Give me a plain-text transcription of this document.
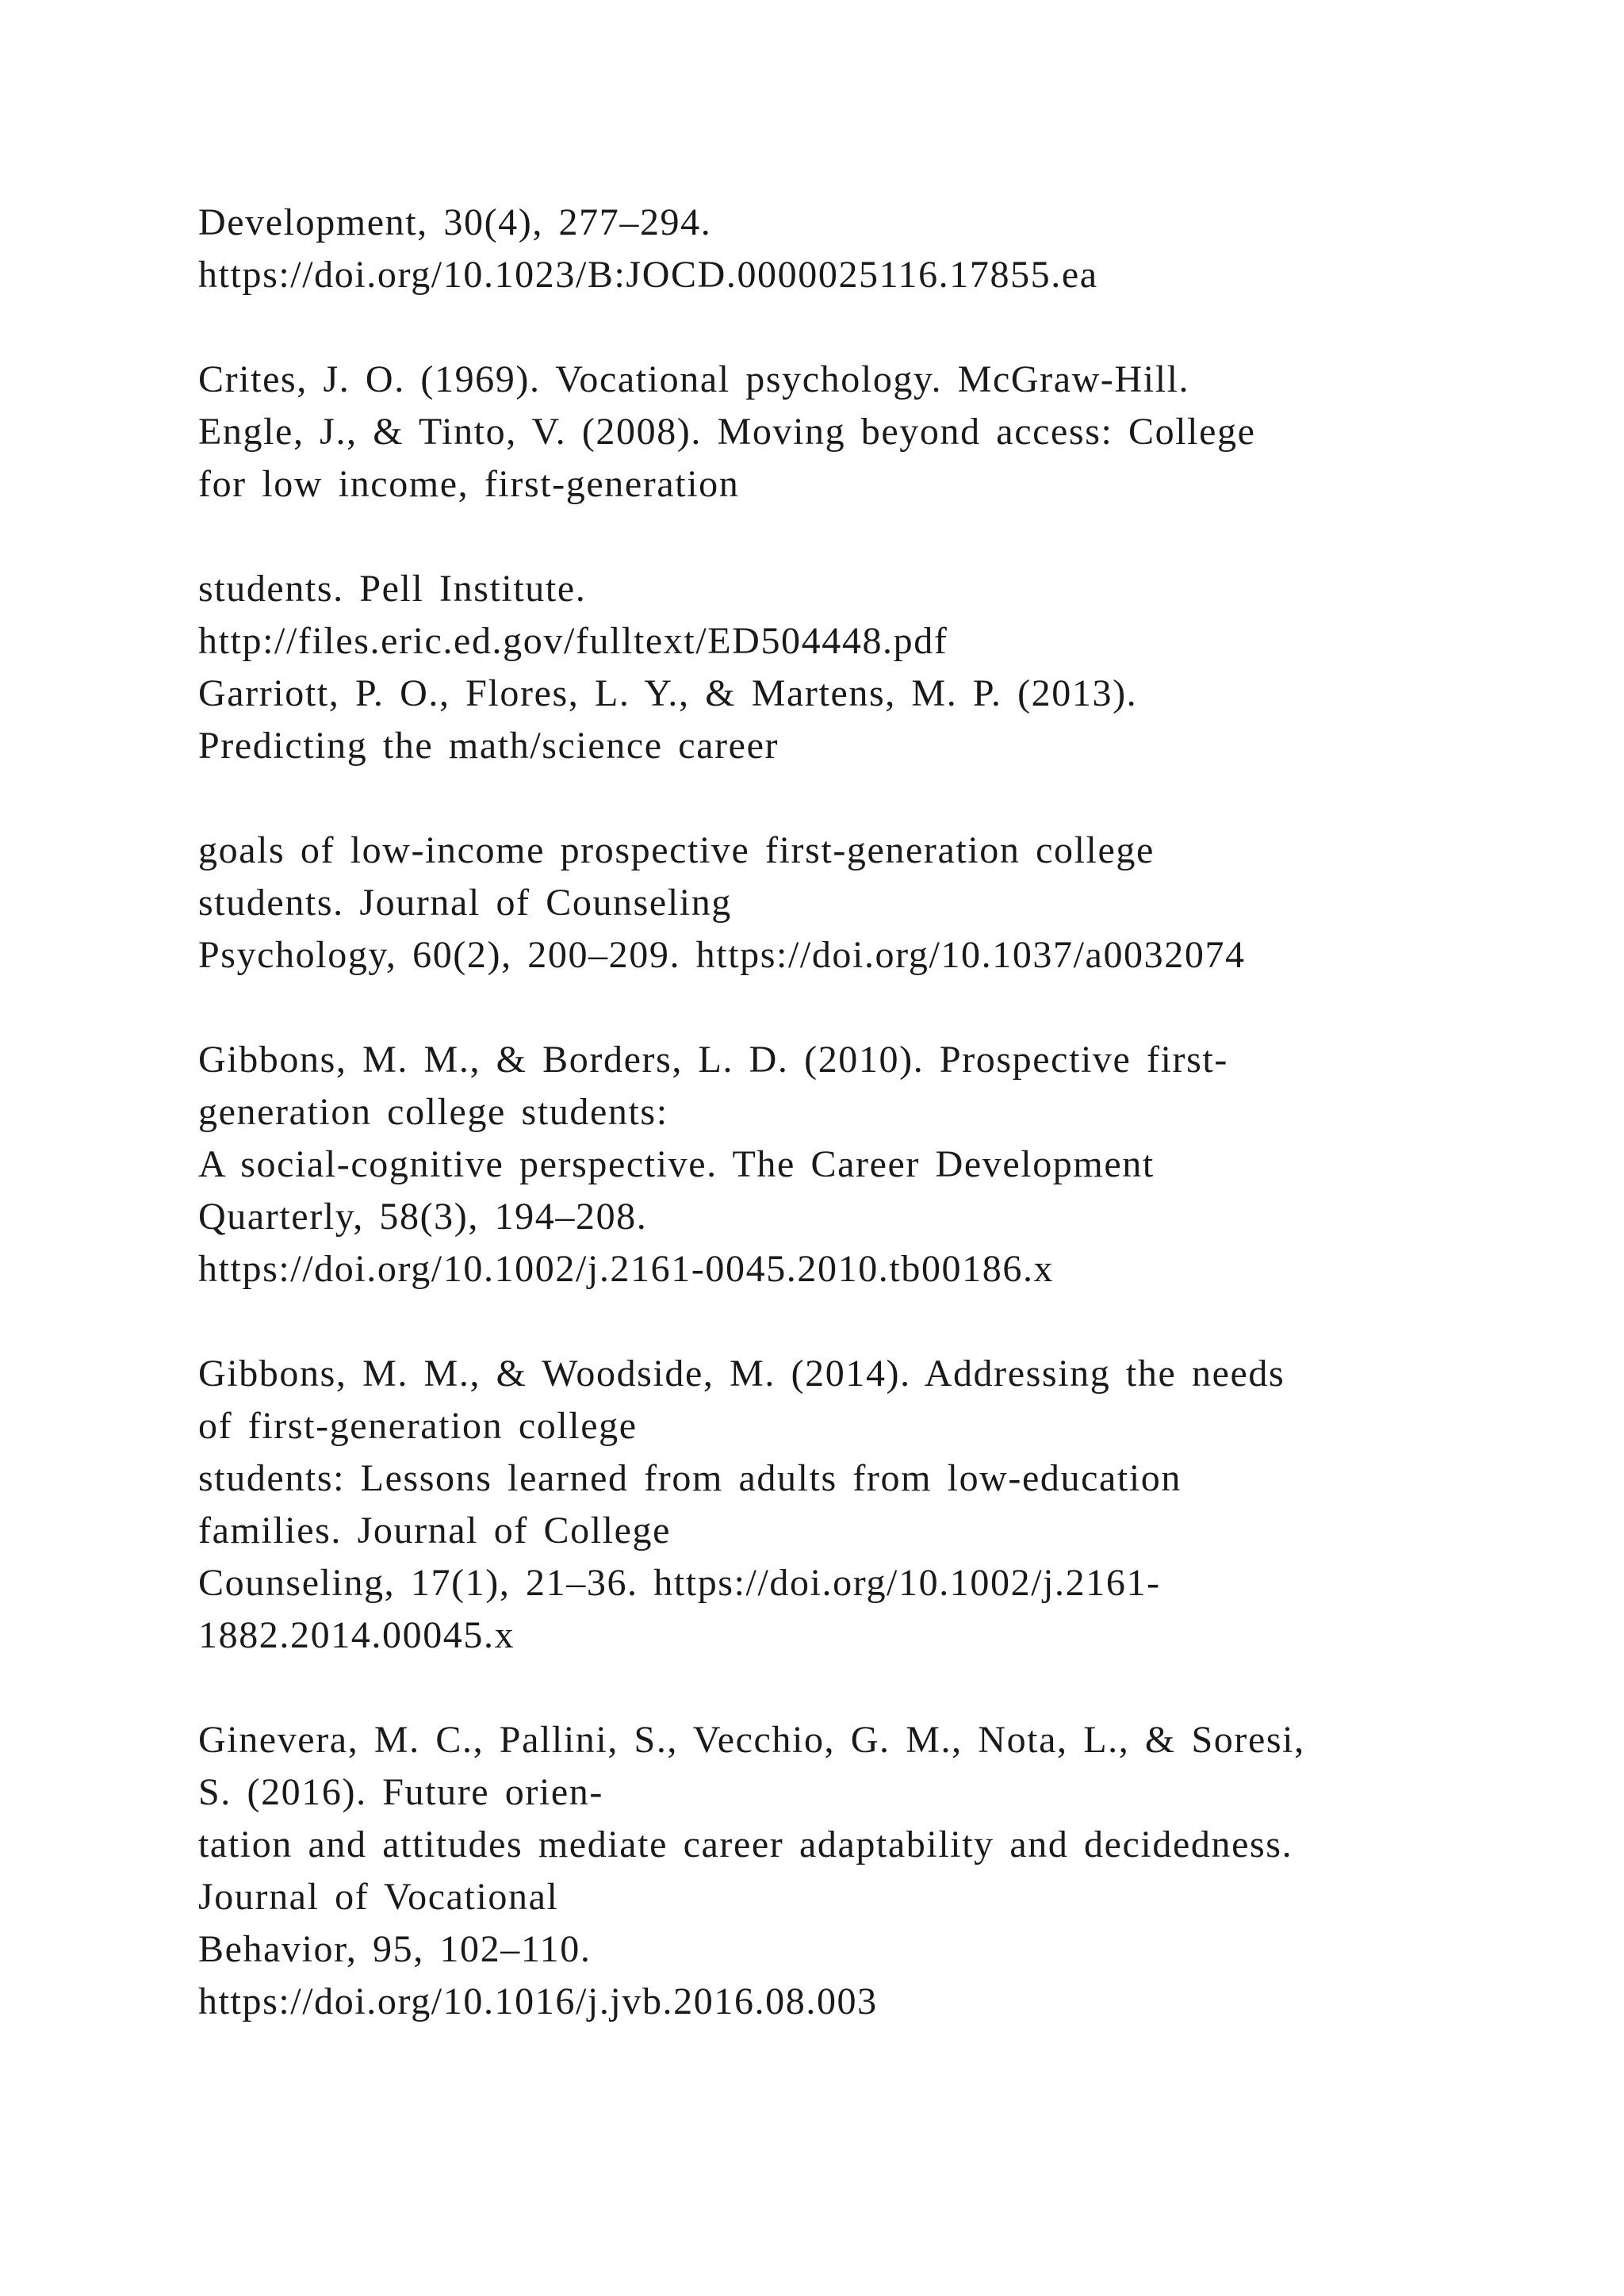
Development, 30(4), 277–294.
https://doi.org/10.1023/B:JOCD.0000025116.17855.ea
Crites, J. O. (1969). Vocational psychology. McGraw-Hill.
Engle, J., & Tinto, V. (2008). Moving beyond access: College
for low income, first-generation
students. Pell Institute.
http://files.eric.ed.gov/fulltext/ED504448.pdf
Garriott, P. O., Flores, L. Y., & Martens, M. P. (2013).
Predicting the math/science career
goals of low-income prospective first-generation college
students. Journal of Counseling
Psychology, 60(2), 200–209. https://doi.org/10.1037/a0032074
Gibbons, M. M., & Borders, L. D. (2010). Prospective first-
generation college students:
A social-cognitive perspective. The Career Development
Quarterly, 58(3), 194–208.
https://doi.org/10.1002/j.2161-0045.2010.tb00186.x
Gibbons, M. M., & Woodside, M. (2014). Addressing the needs
of first-generation college
students: Lessons learned from adults from low-education
families. Journal of College
Counseling, 17(1), 21–36. https://doi.org/10.1002/j.2161-
1882.2014.00045.x
Ginevera, M. C., Pallini, S., Vecchio, G. M., Nota, L., & Soresi,
S. (2016). Future orien-
tation and attitudes mediate career adaptability and decidedness.
Journal of Vocational
Behavior, 95, 102–110.
https://doi.org/10.1016/j.jvb.2016.08.003
